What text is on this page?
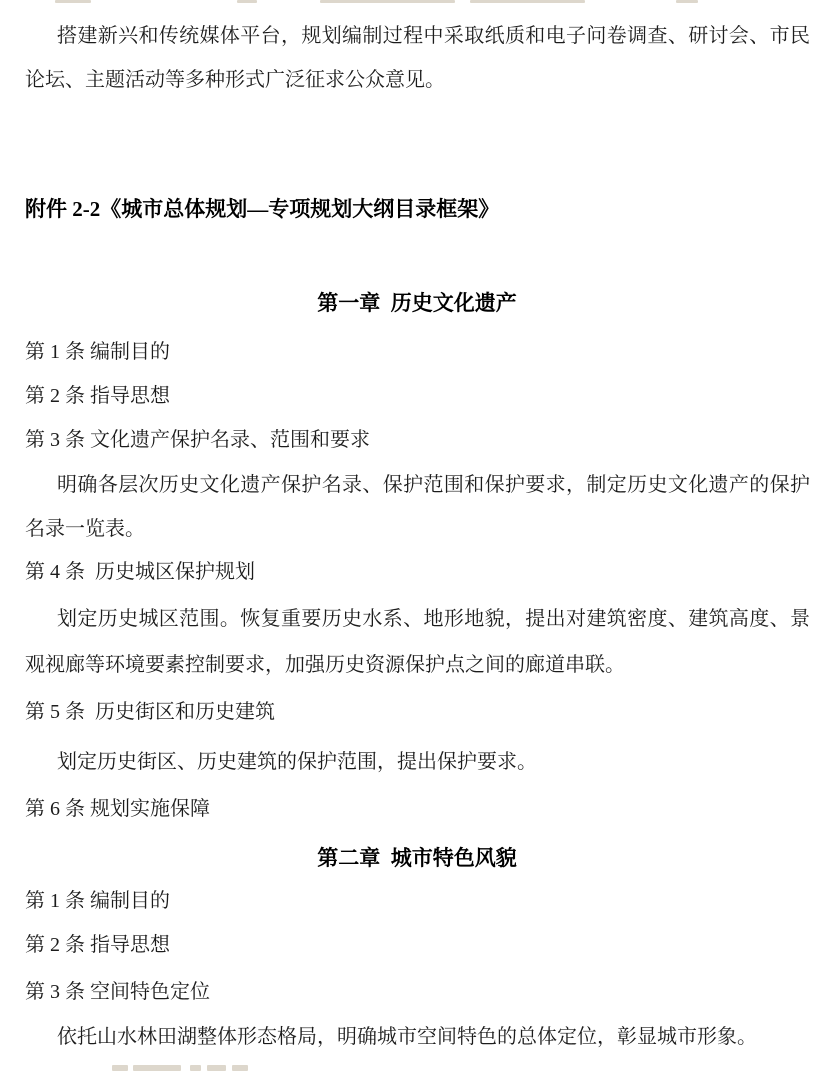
搭建新兴和传统媒体平台，规划编制过程中采取纸质和电子问卷调查、研讨会、市民
论坛、主题活动等多种形式广泛征求公众意见。
附件 2-2《城市总体规划—专项规划大纲目录框架》
第一章  历史文化遗产
第 1 条 编制目的
第 2 条 指导思想
第 3 条 文化遗产保护名录、范围和要求
明确各层次历史文化遗产保护名录、保护范围和保护要求，制定历史文化遗产的保护
名录一览表。
第 4 条  历史城区保护规划
划定历史城区范围。恢复重要历史水系、地形地貌，提出对建筑密度、建筑高度、景
观视廊等环境要素控制要求，加强历史资源保护点之间的廊道串联。
第 5 条  历史街区和历史建筑
划定历史街区、历史建筑的保护范围，提出保护要求。
第 6 条 规划实施保障
第二章  城市特色风貌
第 1 条 编制目的
第 2 条 指导思想
第 3 条 空间特色定位
依托山水林田湖整体形态格局，明确城市空间特色的总体定位，彰显城市形象。
